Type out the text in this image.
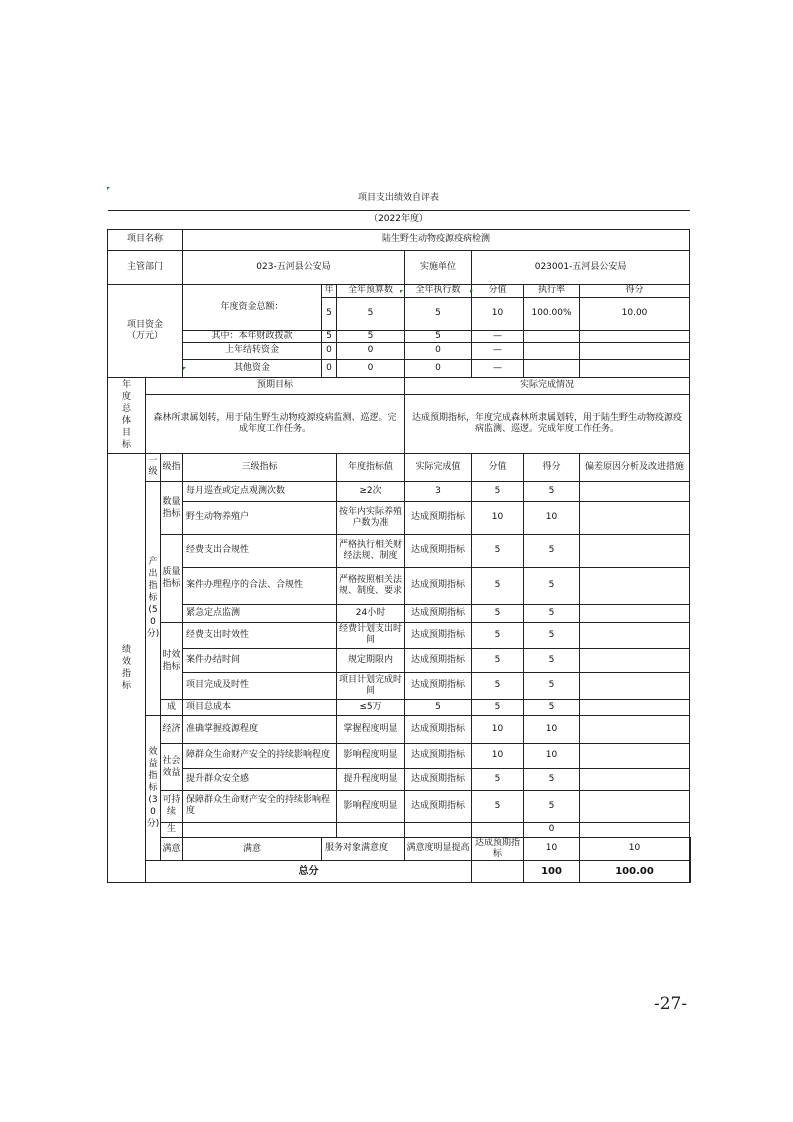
项目支出绩效自评表										
（2022年度）										
项目名称			陆生野生动物疫源疫病检测							
主管部门			023-五河县公安局			实施单位	023001-五河县公安局			
项目资金（万元）			年度资金总额：	年	全年预算数	全年执行数	分值	执行率	得分	
				5	5	5	10	100.00%	10.00	
			其中：本年财政拨款	5	5	5	—			
			上年结转资金	0	0	0	—			
			其他资金	0	0	0	—			
年度总体目标	预期目标					实际完成情况				
	森林所隶属划转，用于陆生野生动物疫源疫病监测、巡逻。完成年度工作任务。					达成预期指标，年度完成森林所隶属划转，用于陆生野生动物疫源疫病监测、巡逻。完成年度工作任务。				
绩效指标	一级	级指	三级指标		年度指标值	实际完成值	分值	得分	偏差原因分析及改进措施	
	产出指标(50分)	数量指标	每月巡查或定点观测次数		≥2次	3	5	5		
			野生动物养殖户		按年内实际养殖户数为准	达成预期指标	10	10		
		质量指标	经费支出合规性		严格执行相关财经法规、制度	达成预期指标	5	5		
			案件办理程序的合法、合规性		严格按照相关法规、制度、要求	达成预期指标	5	5		
			紧急定点监测		24小时	达成预期指标	5	5		
		时效指标	经费支出时效性		经费计划支出时间	达成预期指标	5	5		
			案件办结时间		规定期限内	达成预期指标	5	5		
			项目完成及时性		项目计划完成时间	达成预期指标	5	5		
		成	项目总成本		≤5万	5	5	5		
	效益指标(30分)	经济	准确掌握疫源程度		掌握程度明显	达成预期指标	10	10		
		社会效益	障群众生命财产安全的持续影响程度		影响程度明显	达成预期指标	10	10		
			提升群众安全感		提升程度明显	达成预期指标	5	5		
		可持续	保障群众生命财产安全的持续影响程度		影响程度明显	达成预期指标	5	5		
		生						0		
		满意	满意	服务对象满意度		满意度明显提高	达成预期指标	10	10	
	总分							100	100.00	
-27-
